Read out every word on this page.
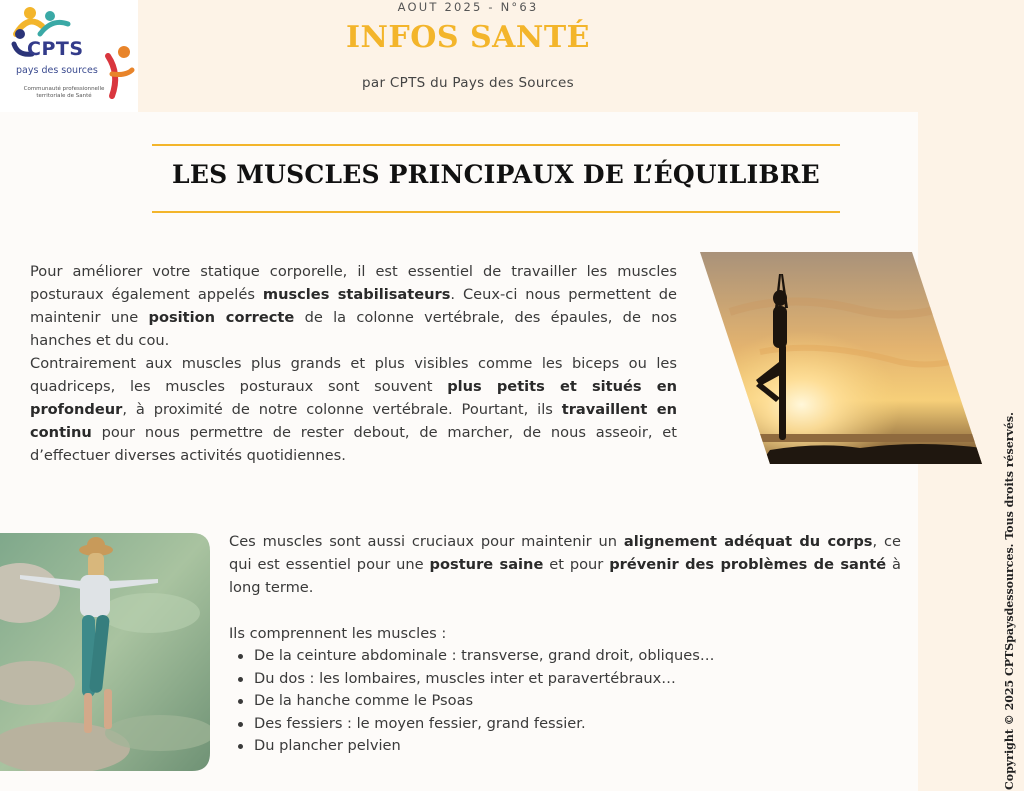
CPTS
pays des sources
Communauté professionnelle territoriale de Santé
AOUT 2025 - N°63
INFOS SANTÉ
par CPTS du Pays des Sources
LES MUSCLES PRINCIPAUX DE L’ÉQUILIBRE

Pour améliorer votre statique corporelle, il est essentiel de travailler les muscles posturaux également appelés muscles stabilisateurs. Ceux-ci nous permettent de maintenir une position correcte de la colonne vertébrale, des épaules, de nos hanches et du cou.

Contrairement aux muscles plus grands et plus visibles comme les biceps ou les quadriceps, les muscles posturaux sont souvent plus petits et situés en profondeur, à proximité de notre colonne vertébrale. Pourtant, ils travaillent en continu pour nous permettre de rester debout, de marcher, de nous asseoir, et d’effectuer diverses activités quotidiennes.

Ces muscles sont aussi cruciaux pour maintenir un alignement adéquat du corps, ce qui est essentiel pour une posture saine et pour prévenir des problèmes de santé à long terme.

Ils comprennent les muscles :

De la ceinture abdominale : transverse, grand droit, obliques…
Du dos : les lombaires, muscles inter et paravertébraux…
De la hanche comme le Psoas
Des fessiers : le moyen fessier, grand fessier.
Du plancher pelvien	Copyright © 2025 CPTSpaysdessources. Tous droits réservés.
